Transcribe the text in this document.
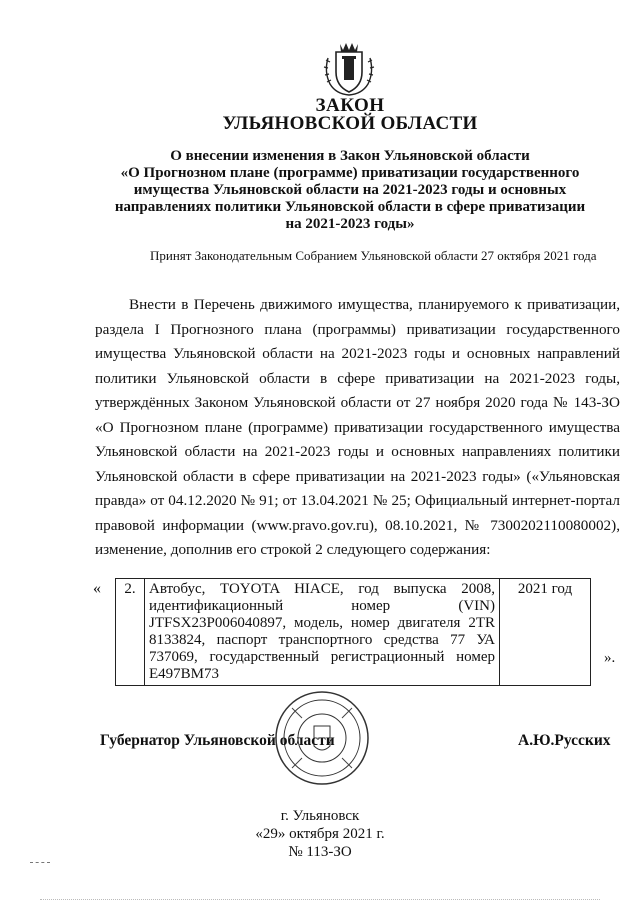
ЗАКОН
УЛЬЯНОВСКОЙ ОБЛАСТИ
О внесении изменения в Закон Ульяновской области
«О Прогнозном плане (программе) приватизации государственного
имущества Ульяновской области на 2021-2023 годы и основных
направлениях политики Ульяновской области в сфере приватизации
на 2021-2023 годы»
Принят Законодательным Собранием Ульяновской области 27 октября 2021 года
Внести в Перечень движимого имущества, планируемого к приватизации, раздела I Прогнозного плана (программы) приватизации государственного имущества Ульяновской области на 2021-2023 годы и основных направлений политики Ульяновской области в сфере приватизации на 2021-2023 годы, утверждённых Законом Ульяновской области от 27 ноября 2020 года № 143-ЗО «О Прогнозном плане (программе) приватизации государственного имущества Ульяновской области на 2021-2023 годы и основных направлениях политики Ульяновской области в сфере приватизации на 2021-2023 годы» («Ульяновская правда» от 04.12.2020 № 91; от 13.04.2021 № 25; Официальный интернет-портал правовой информации (www.pravo.gov.ru), 08.10.2021, № 7300202110080002), изменение, дополнив его строкой 2 следующего содержания:
« 2.	Автобус, TOYOTA HIACE, год выпуска 2008, идентификационный номер (VIN) JTFSX23P006040897, модель, номер двигателя 2TR 8133824, паспорт транспортного средства 77 УА 737069, государственный регистрационный номер Е497ВМ73	2021 год
».
Губернатор Ульяновской области	А.Ю.Русских
г. Ульяновск
«29» октября 2021 г.
№ 113-ЗО
